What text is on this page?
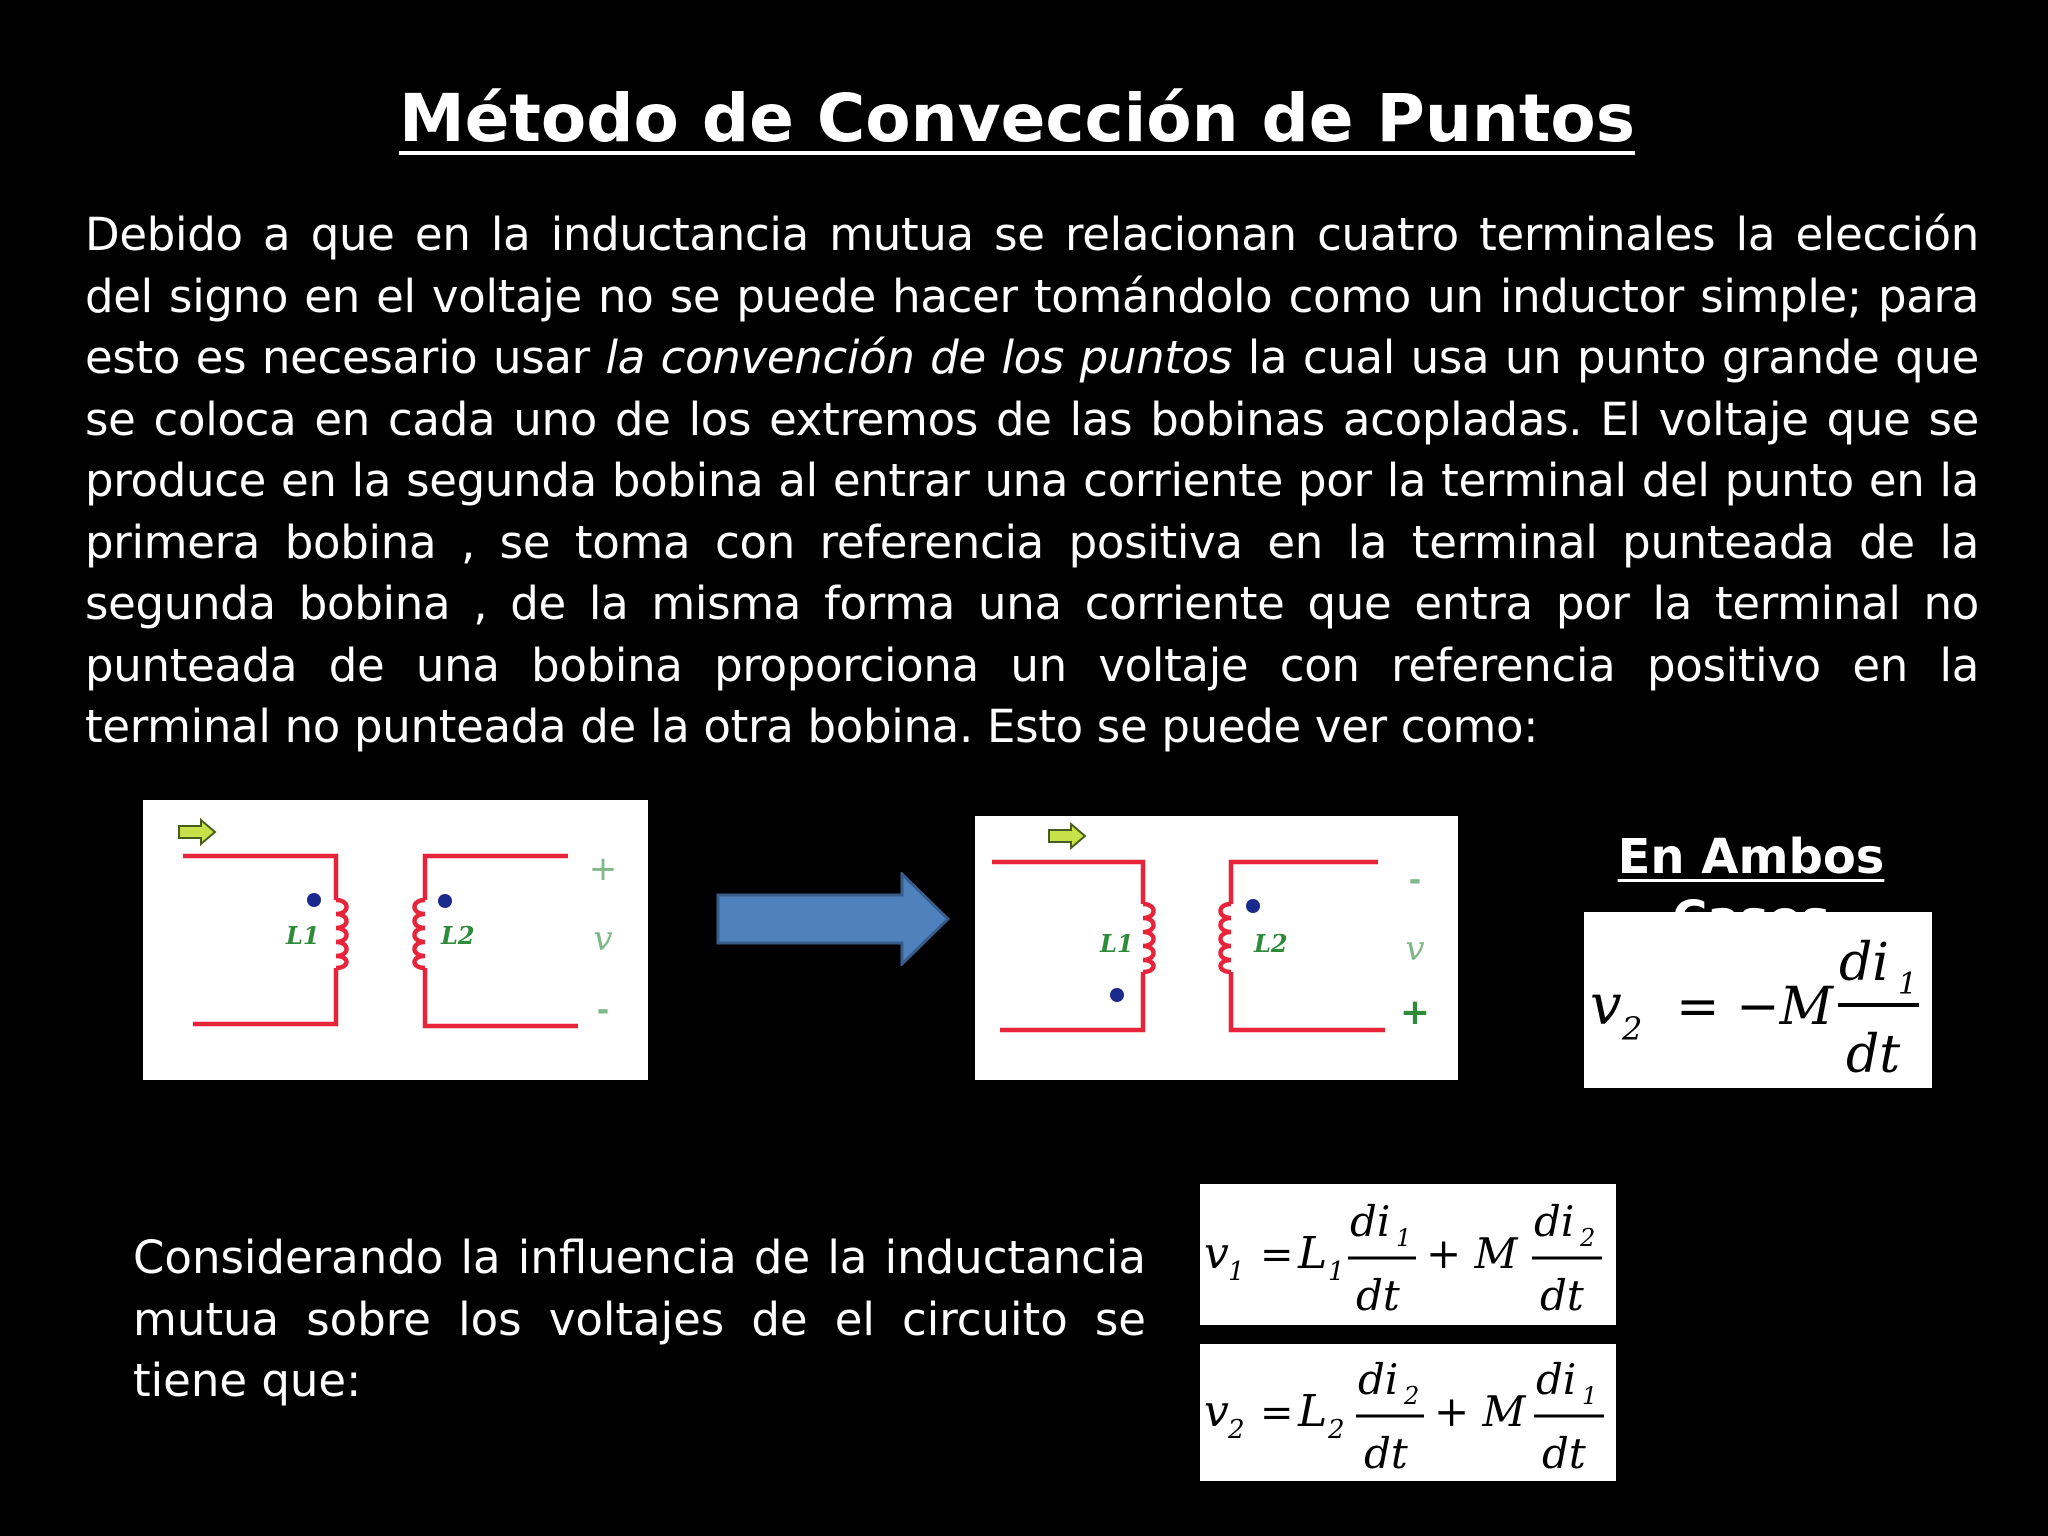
Método de Convección de Puntos
Debido a que en la inductancia mutua se relacionan cuatro terminales la elección del signo en el voltaje no se puede hacer tomándolo como un inductor simple; para esto es necesario usar la convención de los puntos la cual usa un punto grande que se coloca en cada uno de los extremos de las bobinas acopladas. El voltaje que se produce en la segunda bobina al entrar una corriente por la terminal del punto en la primera bobina , se toma con referencia positiva en la terminal punteada de la segunda bobina , de la misma forma una corriente que entra por la terminal no punteada de una bobina proporciona un voltaje con referencia positivo en la terminal no punteada de la otra bobina. Esto se puede ver como:
L1	L2
+
v
-
L1	L2
-
v
+
En Ambos
v 2 = −M
di 1
dt
Considerando la influencia de la inductancia mutua sobre los voltajes de el circuito se tiene que:
v 1 = L 1
di 1
dt
+ M
di 2
dt
v 2 = L 2
di 2
dt
+ M
di 1
dt
